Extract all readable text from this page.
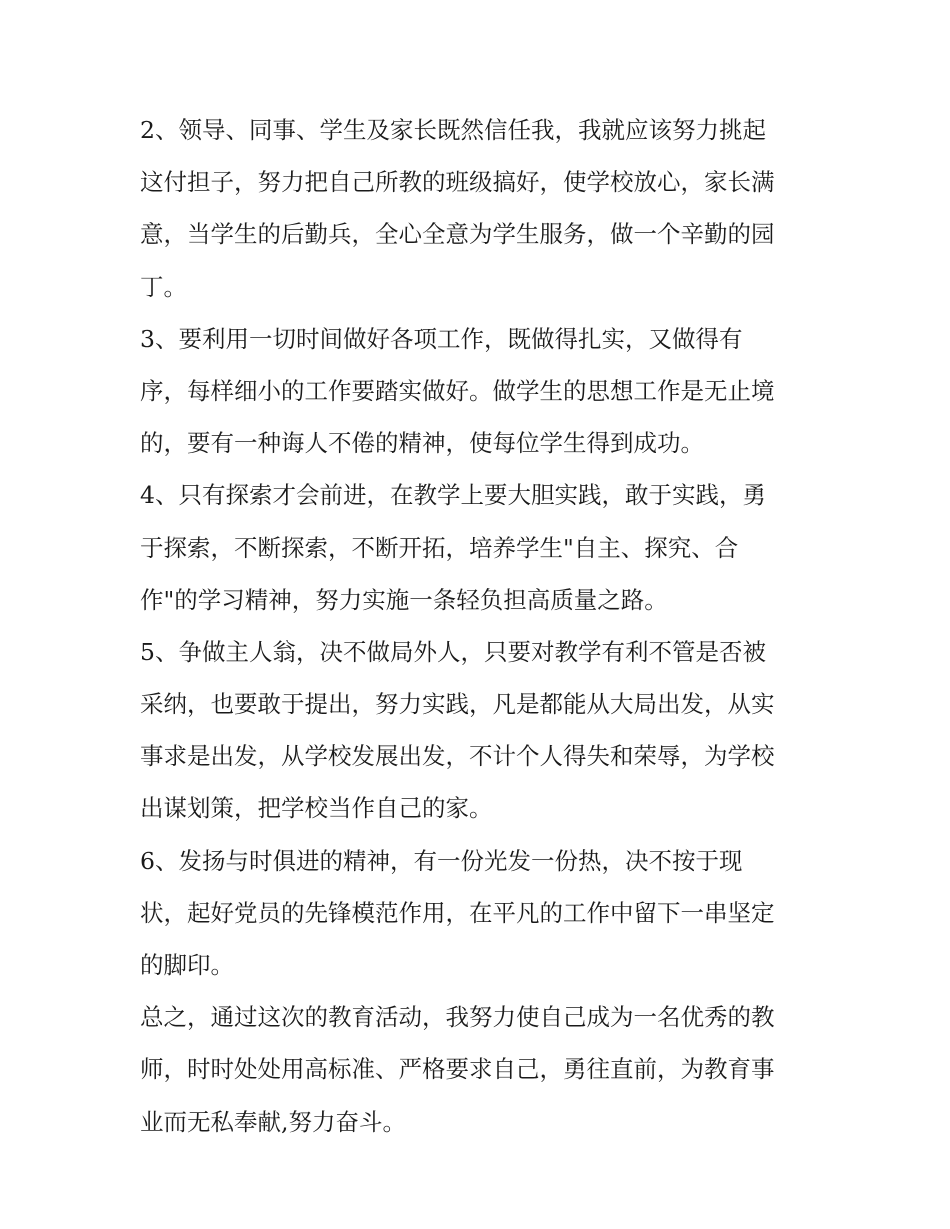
2、领导、同事、学生及家长既然信任我，我就应该努力挑起
这付担子，努力把自己所教的班级搞好，使学校放心，家长满
意，当学生的后勤兵，全心全意为学生服务，做一个辛勤的园
丁。
3、要利用一切时间做好各项工作，既做得扎实，又做得有
序，每样细小的工作要踏实做好。做学生的思想工作是无止境
的，要有一种诲人不倦的精神，使每位学生得到成功。
4、只有探索才会前进，在教学上要大胆实践，敢于实践，勇
于探索，不断探索，不断开拓，培养学生"自主、探究、合
作"的学习精神，努力实施一条轻负担高质量之路。
5、争做主人翁，决不做局外人，只要对教学有利不管是否被
采纳，也要敢于提出，努力实践，凡是都能从大局出发，从实
事求是出发，从学校发展出发，不计个人得失和荣辱，为学校
出谋划策，把学校当作自己的家。
6、发扬与时俱进的精神，有一份光发一份热，决不按于现
状，起好党员的先锋模范作用，在平凡的工作中留下一串坚定
的脚印。
总之，通过这次的教育活动，我努力使自己成为一名优秀的教
师，时时处处用高标准、严格要求自己，勇往直前，为教育事
业而无私奉献,努力奋斗。
